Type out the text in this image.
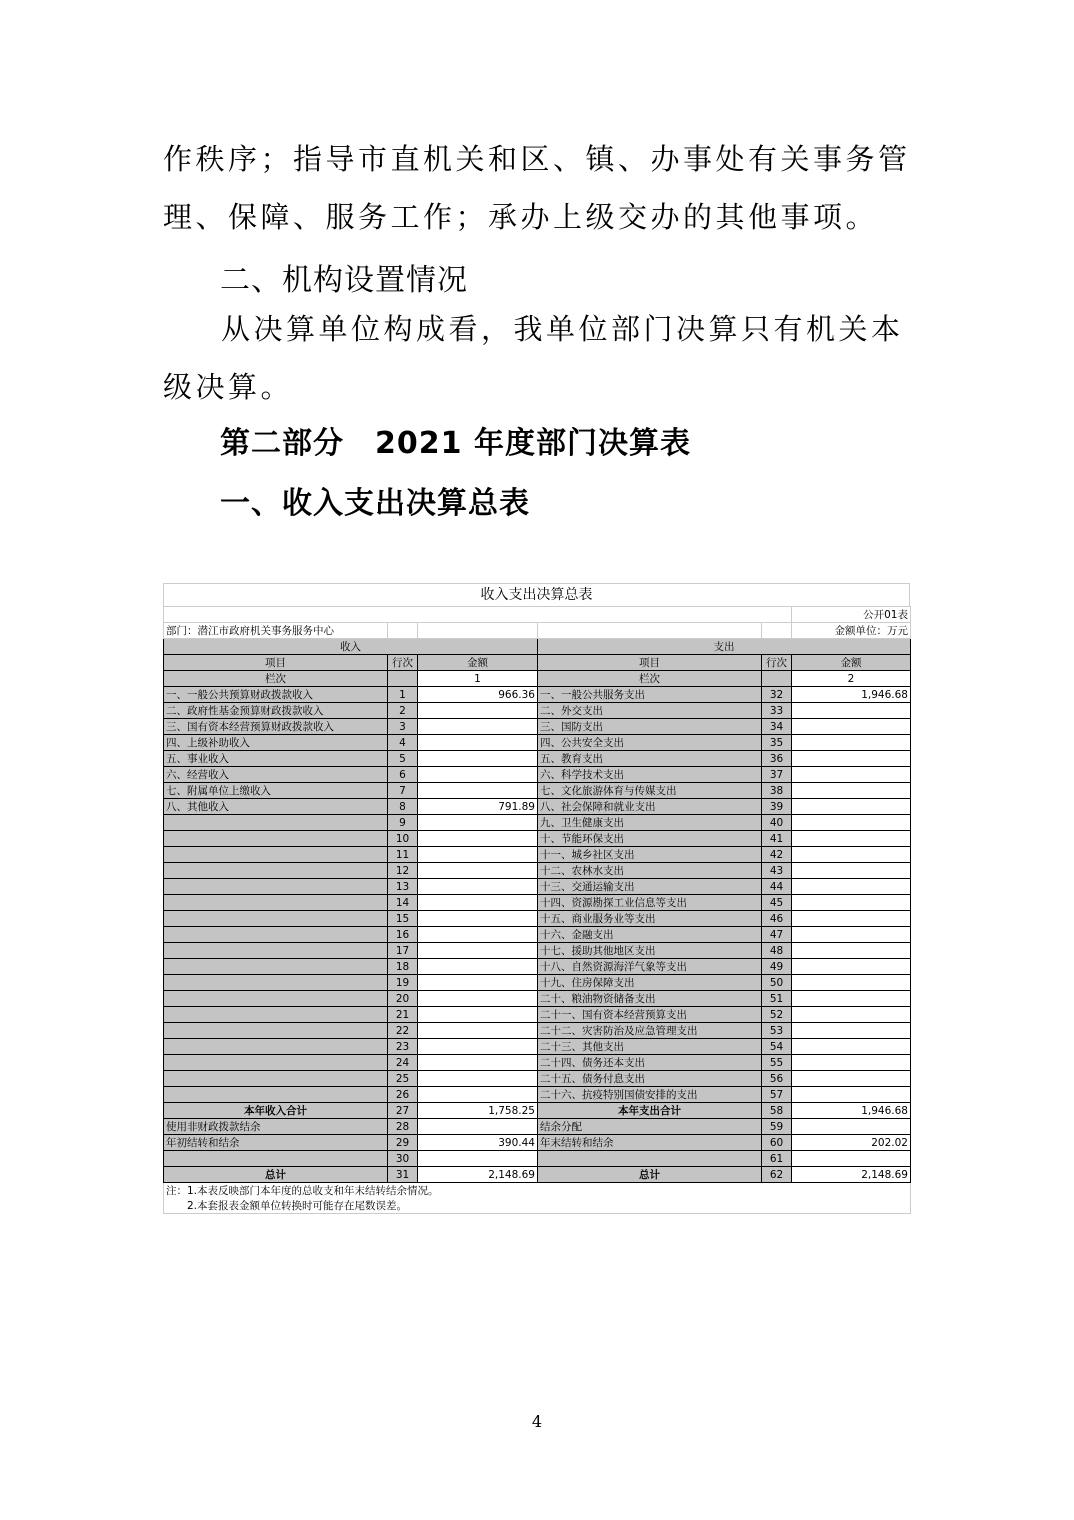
作秩序；指导市直机关和区、镇、办事处有关事务管理、保障、服务工作；承办上级交办的其他事项。

二、机构设置情况

从决算单位构成看，我单位部门决算只有机关本级决算。

第二部分　2021 年度部门决算表

一、收入支出决算总表

收入支出决算总表
					公开01表
部门：潜江市政府机关事务服务中心					金额单位：万元
收入			支出		
项目	行次	金额	项目	行次	金额
栏次		1	栏次		2
一、一般公共预算财政拨款收入	1	966.36	一、一般公共服务支出	32	1,946.68
二、政府性基金预算财政拨款收入	2		二、外交支出	33	
三、国有资本经营预算财政拨款收入	3		三、国防支出	34	
四、上级补助收入	4		四、公共安全支出	35	
五、事业收入	5		五、教育支出	36	
六、经营收入	6		六、科学技术支出	37	
七、附属单位上缴收入	7		七、文化旅游体育与传媒支出	38	
八、其他收入	8	791.89	八、社会保障和就业支出	39	
	9		九、卫生健康支出	40	
	10		十、节能环保支出	41	
	11		十一、城乡社区支出	42	
	12		十二、农林水支出	43	
	13		十三、交通运输支出	44	
	14		十四、资源勘探工业信息等支出	45	
	15		十五、商业服务业等支出	46	
	16		十六、金融支出	47	
	17		十七、援助其他地区支出	48	
	18		十八、自然资源海洋气象等支出	49	
	19		十九、住房保障支出	50	
	20		二十、粮油物资储备支出	51	
	21		二十一、国有资本经营预算支出	52	
	22		二十二、灾害防治及应急管理支出	53	
	23		二十三、其他支出	54	
	24		二十四、债务还本支出	55	
	25		二十五、债务付息支出	56	
	26		二十六、抗疫特别国债安排的支出	57	
本年收入合计	27	1,758.25	本年支出合计	58	1,946.68
使用非财政拨款结余	28		结余分配	59	
年初结转和结余	29	390.44	年末结转和结余	60	202.02
	30			61	
总计	31	2,148.69	总计	62	2,148.69
注：1.本表反映部门本年度的总收支和年末结转结余情况。					
　　2.本套报表金额单位转换时可能存在尾数误差。					
4
